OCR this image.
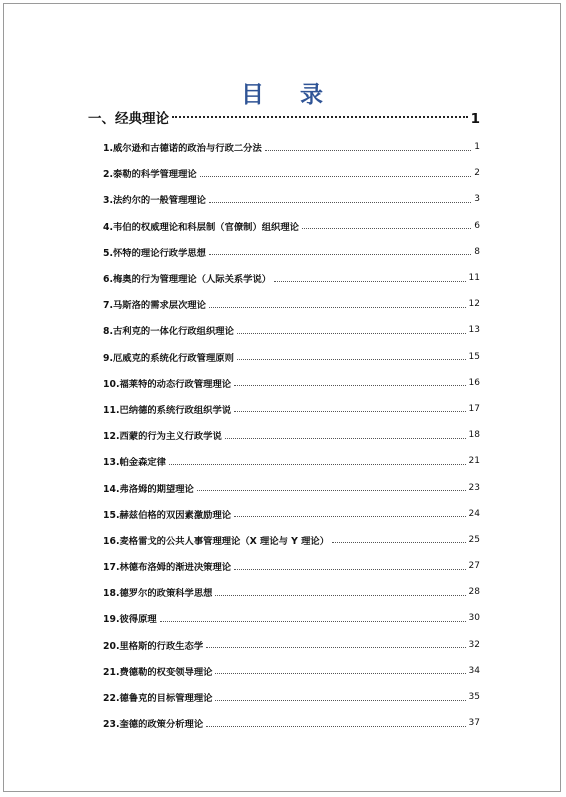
目 录
一、经典理论	1
1.威尔逊和古德诺的政治与行政二分法	1
2.泰勒的科学管理理论	2
3.法约尔的一般管理理论	3
4.韦伯的权威理论和科层制（官僚制）组织理论	6
5.怀特的理论行政学思想	8
6.梅奥的行为管理理论（人际关系学说）	11
7.马斯洛的需求层次理论	12
8.古利克的一体化行政组织理论	13
9.厄威克的系统化行政管理原则	15
10.福莱特的动态行政管理理论	16
11.巴纳德的系统行政组织学说	17
12.西蒙的行为主义行政学说	18
13.帕金森定律	21
14.弗洛姆的期望理论	23
15.赫兹伯格的双因素激励理论	24
16.麦格雷戈的公共人事管理理论（X 理论与 Y 理论）	25
17.林德布洛姆的渐进决策理论	27
18.德罗尔的政策科学思想	28
19.彼得原理	30
20.里格斯的行政生态学	32
21.费德勒的权变领导理论	34
22.德鲁克的目标管理理论	35
23.奎德的政策分析理论	37
